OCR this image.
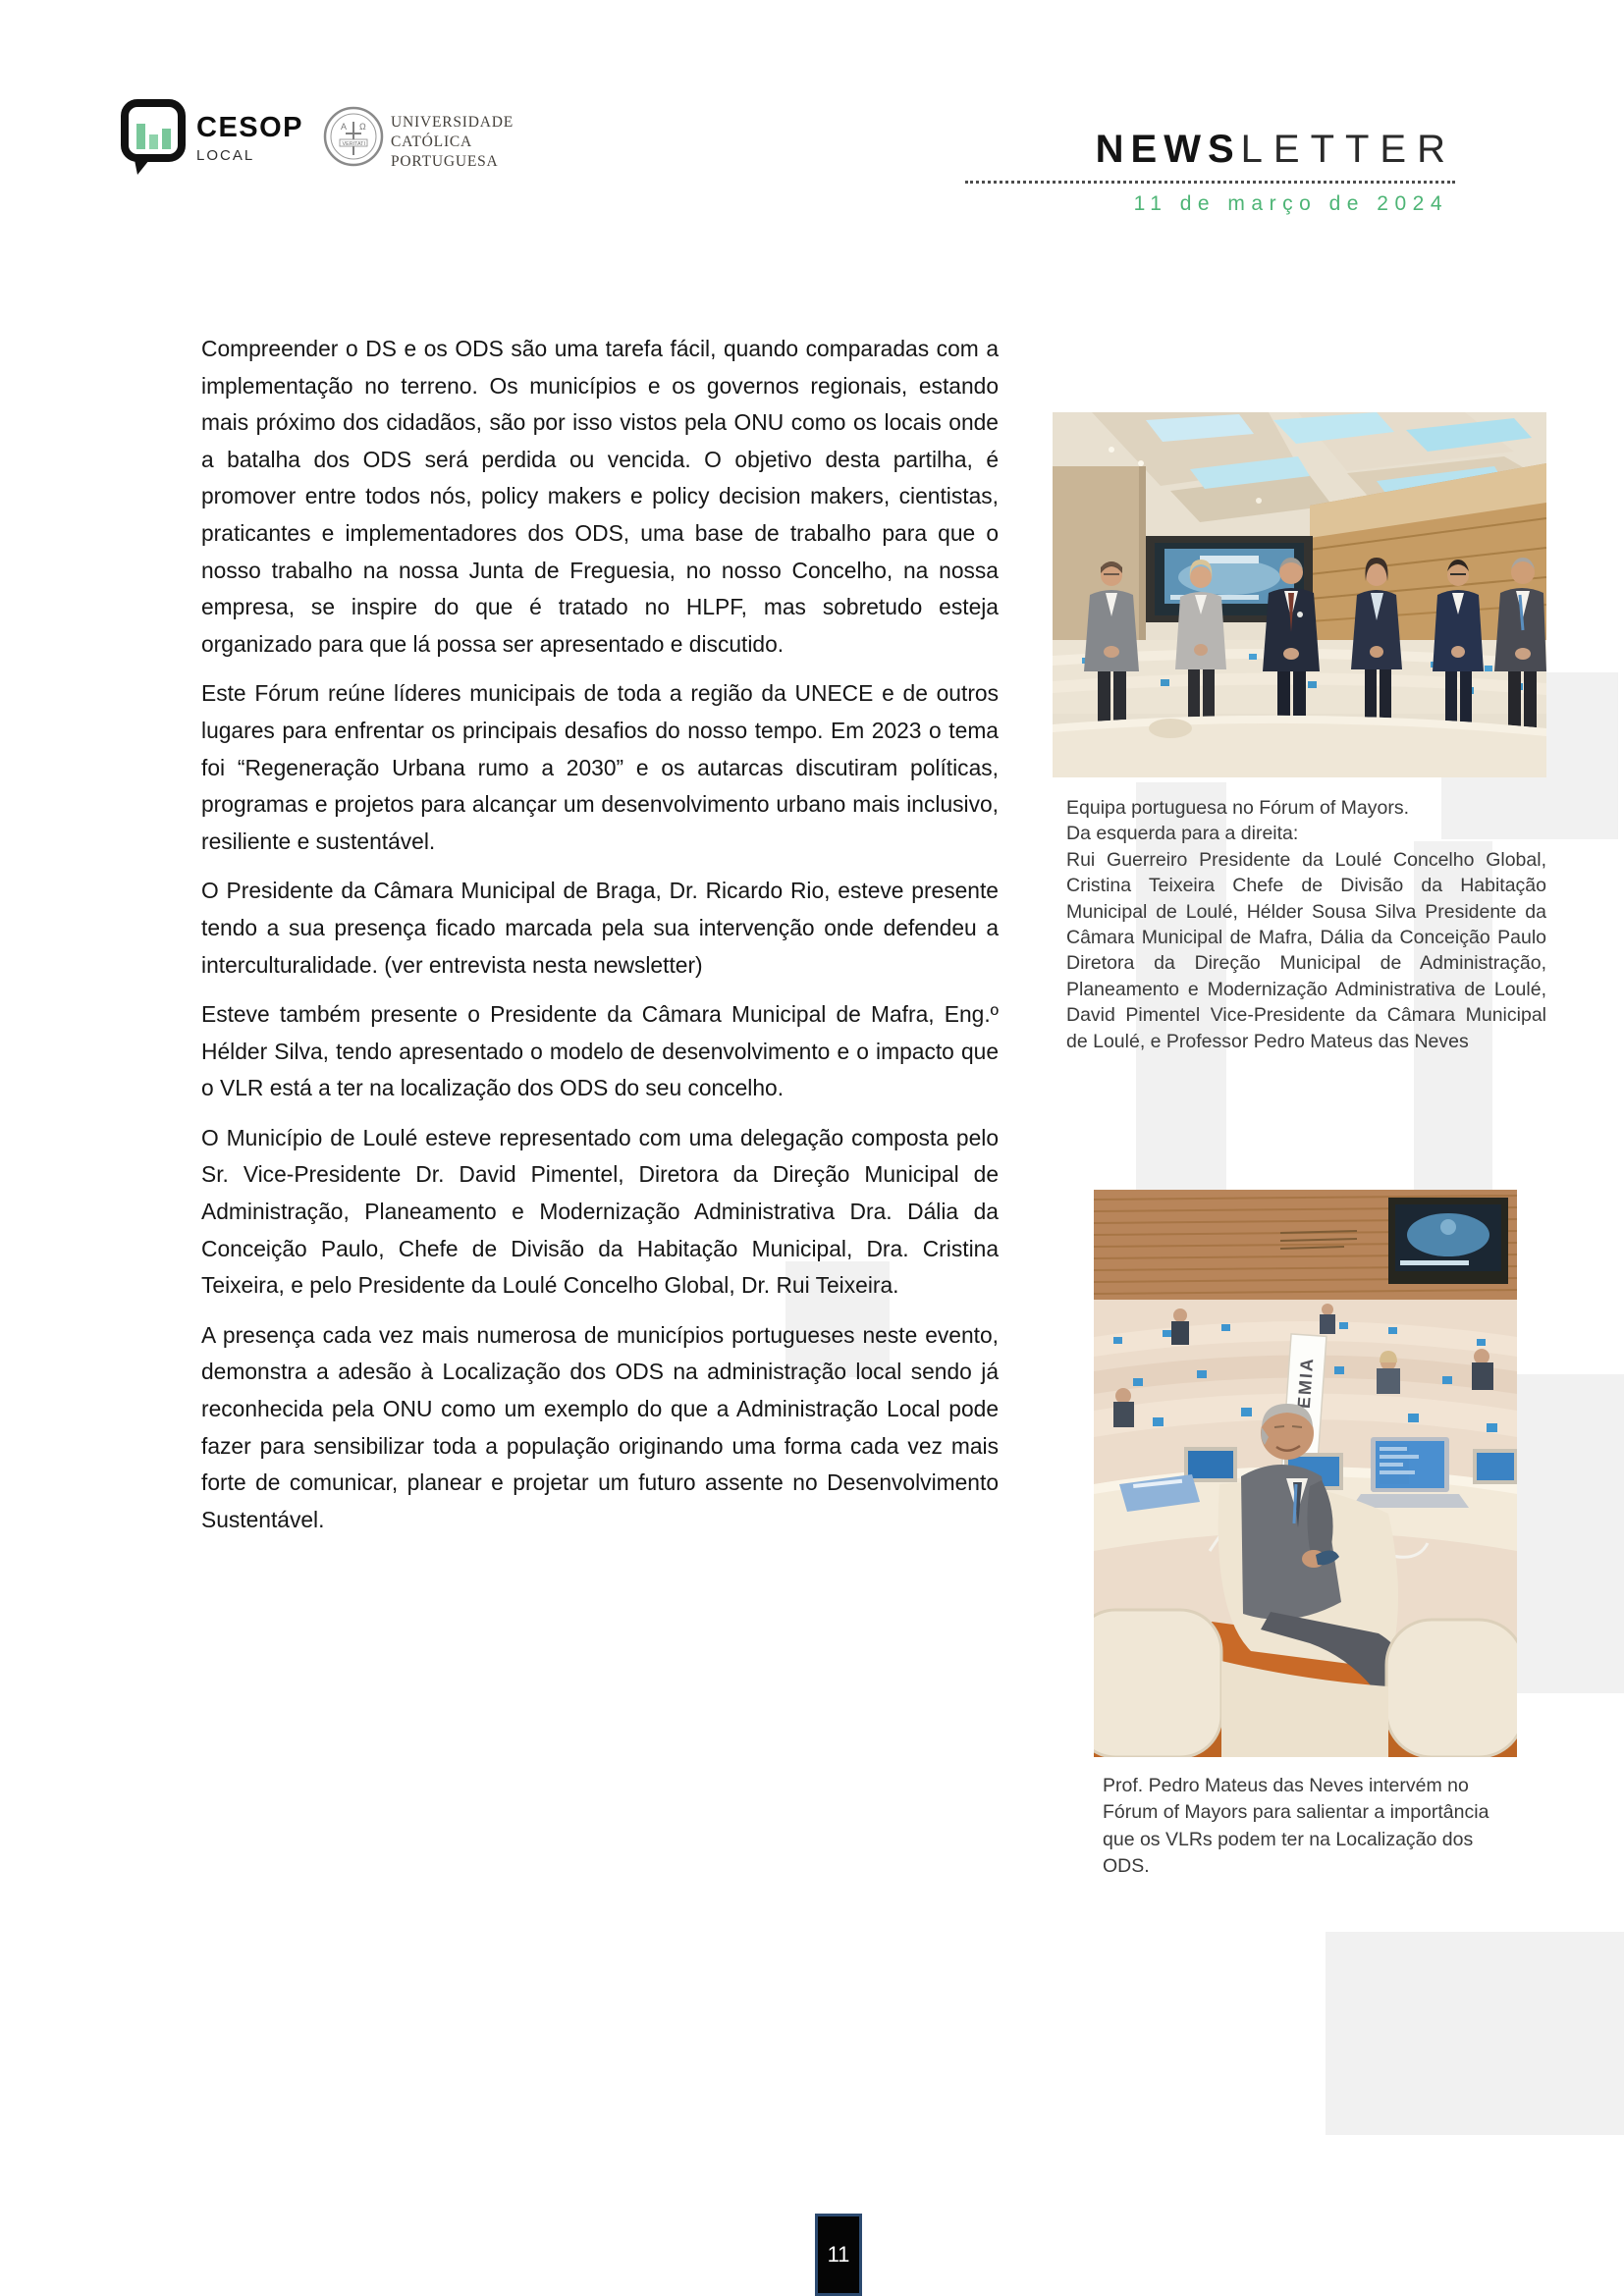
CESOP
LOCAL
Α Ω
VERITATI
UNIVERSIDADE
CATÓLICA
PORTUGUESA	NEWSLETTER
11 de março de 2024

Compreender o DS e os ODS são uma tarefa fácil, quando comparadas com a implementação no terreno. Os municípios e os governos regionais, estando mais próximo dos cidadãos, são por isso vistos pela ONU como os locais onde a batalha dos ODS será perdida ou vencida. O objetivo desta partilha, é promover entre todos nós, policy makers e policy decision makers, cientistas, praticantes e implementadores dos ODS, uma base de trabalho para que o nosso trabalho na nossa Junta de Freguesia, no nosso Concelho, na nossa empresa, se inspire do que é tratado no HLPF, mas sobretudo esteja organizado para que lá possa ser apresentado e discutido.

Este Fórum reúne líderes municipais de toda a região da UNECE e de outros lugares para enfrentar os principais desafios do nosso tempo. Em 2023 o tema foi “Regeneração Urbana rumo a 2030” e os autarcas discutiram políticas, programas e projetos para alcançar um desenvolvimento urbano mais inclusivo, resiliente e sustentável.

O Presidente da Câmara Municipal de Braga, Dr. Ricardo Rio, esteve presente tendo a sua presença ficado marcada pela sua intervenção onde defendeu a interculturalidade. (ver entrevista nesta newsletter)

Esteve também presente o Presidente da Câmara Municipal de Mafra, Eng.º Hélder Silva, tendo apresentado o modelo de desenvolvimento e o impacto que o VLR está a ter na localização dos ODS do seu concelho.

O Município de Loulé esteve representado com uma delegação composta pelo Sr. Vice-Presidente Dr. David Pimentel, Diretora da Direção Municipal de Administração, Planeamento e Modernização Administrativa Dra. Dália da Conceição Paulo, Chefe de Divisão da Habitação Municipal, Dra. Cristina Teixeira, e pelo Presidente da Loulé Concelho Global, Dr. Rui Teixeira.

A presença cada vez mais numerosa de municípios portugueses neste evento, demonstra a adesão à Localização dos ODS na administração local sendo já reconhecida pela ONU como um exemplo do que a Administração Local pode fazer para sensibilizar toda a população originando uma forma cada vez mais forte de comunicar, planear e projetar um futuro assente no Desenvolvimento Sustentável.

Equipa portuguesa no Fórum of Mayors.
Da esquerda para a direita:
Rui Guerreiro Presidente da Loulé Concelho Global, Cristina Teixeira Chefe de Divisão da Habitação Municipal de Loulé, Hélder Sousa Silva Presidente da Câmara Municipal de Mafra, Dália da Conceição Paulo Diretora da Direção Municipal de Administração, Planeamento e Modernização Administrativa de Loulé, David Pimentel Vice-Presidente da Câmara Municipal de Loulé, e Professor Pedro Mateus das Neves
Prof. Pedro Mateus das Neves intervém no Fórum of Mayors para salientar a importância que os VLRs podem ter na Localização dos ODS.
11
